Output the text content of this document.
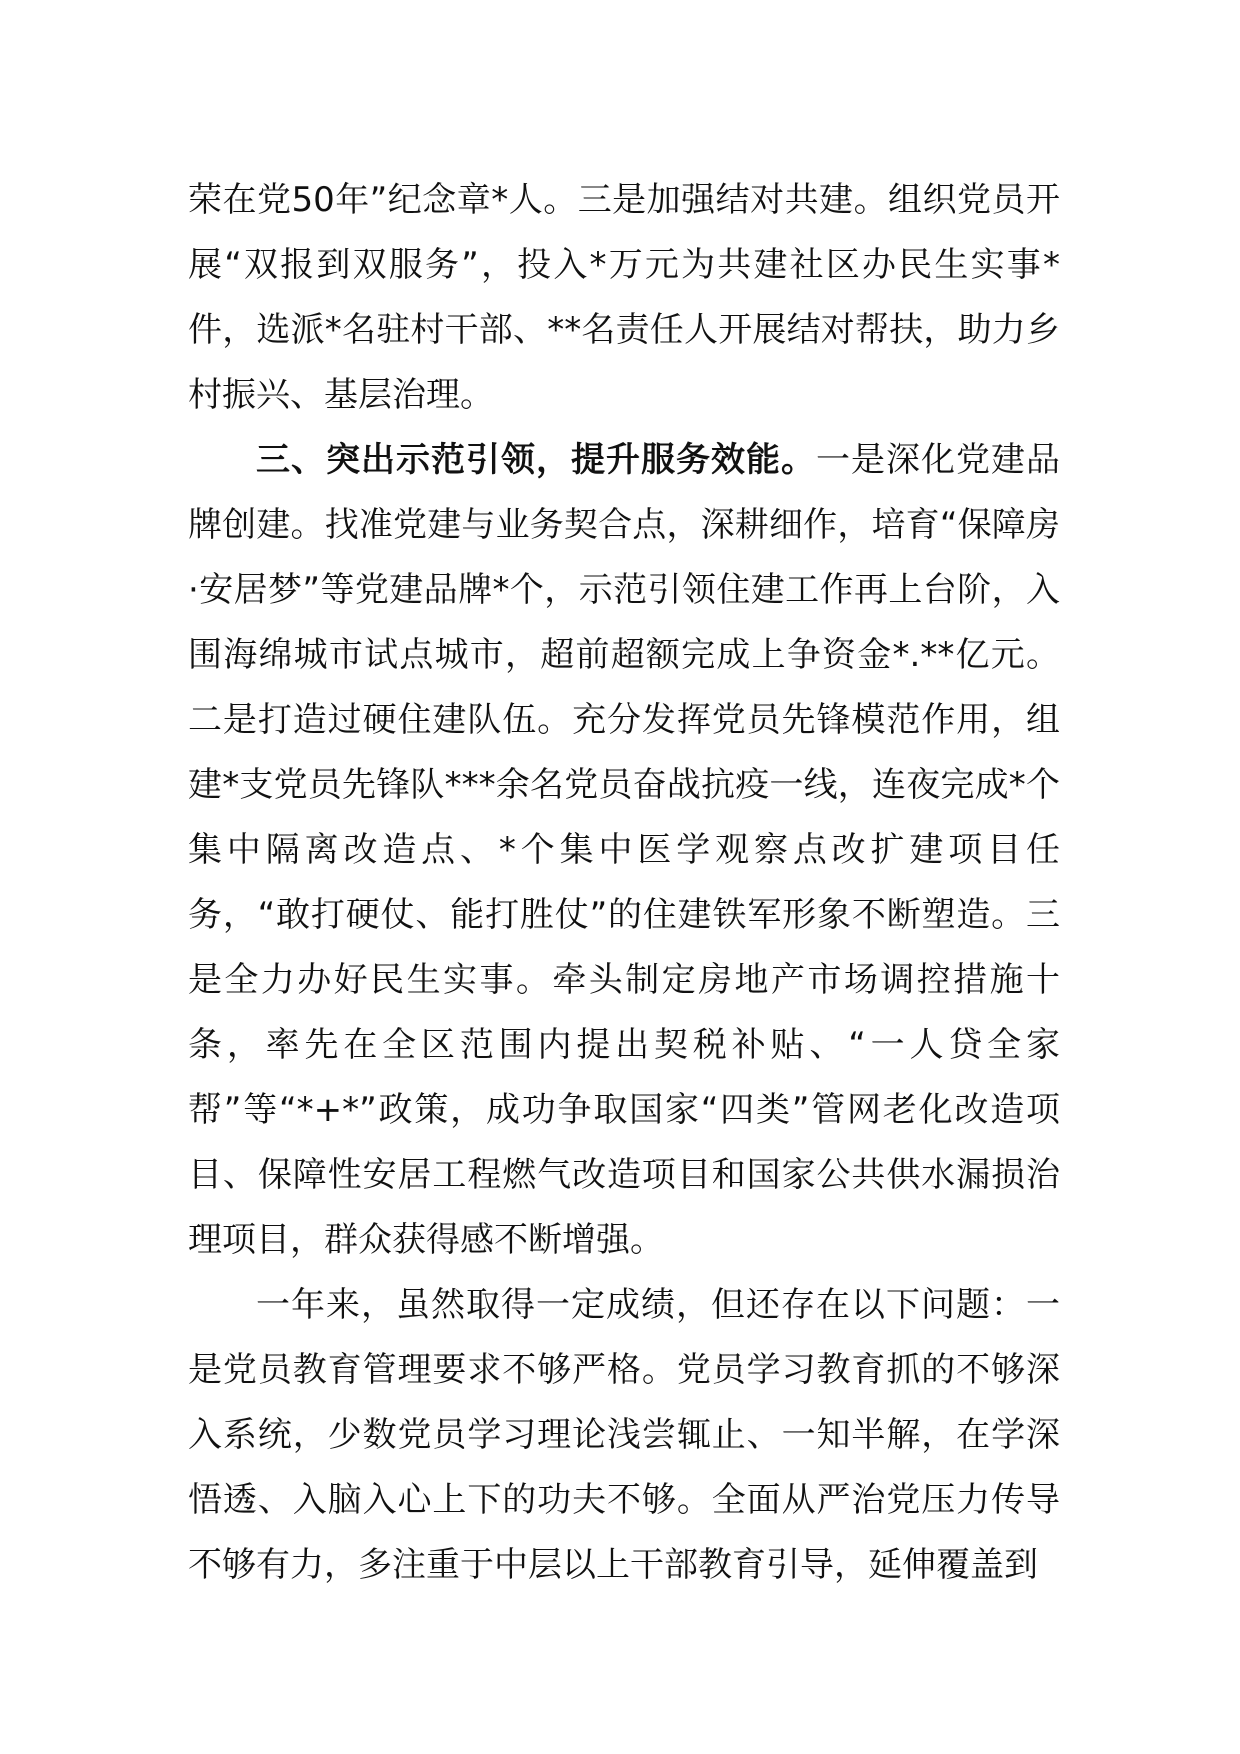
荣在党50年”纪念章*人。三是加强结对共建。组织党员开展“双报到双服务”，投入*万元为共建社区办民生实事*件，选派*名驻村干部、**名责任人开展结对帮扶，助力乡村振兴、基层治理。

三、突出示范引领，提升服务效能。一是深化党建品牌创建。找准党建与业务契合点，深耕细作，培育“保障房·安居梦”等党建品牌*个，示范引领住建工作再上台阶，入围海绵城市试点城市，超前超额完成上争资金*.**亿元。二是打造过硬住建队伍。充分发挥党员先锋模范作用，组建*支党员先锋队***余名党员奋战抗疫一线，连夜完成*个集中隔离改造点、*个集中医学观察点改扩建项目任务，“敢打硬仗、能打胜仗”的住建铁军形象不断塑造。三是全力办好民生实事。牵头制定房地产市场调控措施十条，率先在全区范围内提出契税补贴、“一人贷全家帮”等“*+*”政策，成功争取国家“四类”管网老化改造项目、保障性安居工程燃气改造项目和国家公共供水漏损治理项目，群众获得感不断增强。

一年来，虽然取得一定成绩，但还存在以下问题：一是党员教育管理要求不够严格。党员学习教育抓的不够深入系统，少数党员学习理论浅尝辄止、一知半解，在学深悟透、入脑入心上下的功夫不够。全面从严治党压力传导不够有力，多注重于中层以上干部教育引导，延伸覆盖到
